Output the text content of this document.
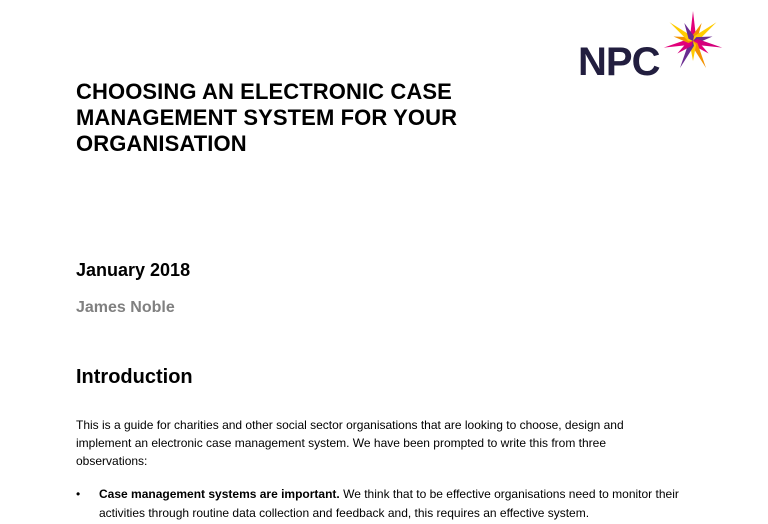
NPC
CHOOSING AN ELECTRONIC CASE
MANAGEMENT SYSTEM FOR YOUR
ORGANISATION

January 2018

James Noble

Introduction

This is a guide for charities and other social sector organisations that are looking to choose, design and
implement an electronic case management system. We have been prompted to write this from three
observations:

• Case management systems are important. We think that to be effective organisations need to monitor their
activities through routine data collection and feedback and, this requires an effective system.
